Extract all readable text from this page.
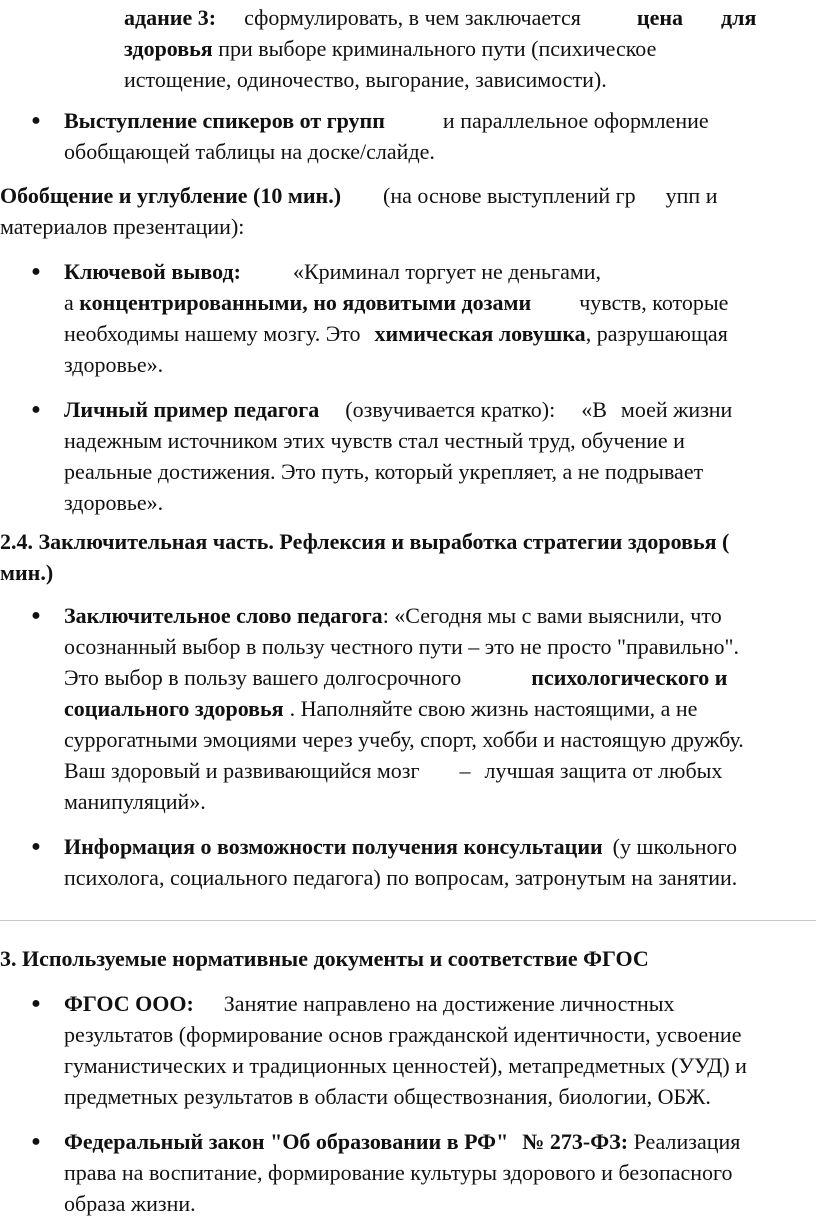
адание 3: сформулировать, в чем заключается	цена для
здоровья при выборе криминального пути (психическое
истощение, одиночество, выгорание, зависимости).
● Выступление спикеров от групп	и параллельное оформление
обобщающей таблицы на доске/слайде.
Обобщение и углубление (10 мин.) (на основе выступлений гр упп и
материалов презентации):
● Ключевой вывод: «Криминал торгует не деньгами,
а концентрированными, но ядовитыми дозами чувств, которые
необходимы нашему мозгу. Это химическая ловушка, разрушающая
здоровье».
● Личный пример педагога (озвучивается кратко): «В моей жизни
надежным источником этих чувств стал честный труд, обучение и
реальные достижения. Это путь, который укрепляет, а не подрывает
здоровье».
2.4. Заключительная часть. Рефлексия и выработка стратегии здоровья (
мин.)
● Заключительное слово педагога: «Сегодня мы с вами выяснили, что
осознанный выбор в пользу честного пути – это не просто "правильно".
Это выбор в пользу вашего долгосрочного	психологического и
социального здоровья . Наполняйте свою жизнь настоящими, а не
суррогатными эмоциями через учебу, спорт, хобби и настоящую дружбу.
Ваш здоровый и развивающийся мозг – лучшая защита от любых
манипуляций».
● Информация о возможности получения консультации (у школьного
психолога, социального педагога) по вопросам, затронутым на занятии.
3. Используемые нормативные документы и соответствие ФГОС
● ФГОС ООО: Занятие направлено на достижение личностных
результатов (формирование основ гражданской идентичности, усвоение
гуманистических и традиционных ценностей), метапредметных (УУД) и
предметных результатов в области обществознания, биологии, ОБЖ.
● Федеральный закон "Об образовании в РФ" № 273-ФЗ: Реализация
права на воспитание, формирование культуры здорового и безопасного
образа жизни.
